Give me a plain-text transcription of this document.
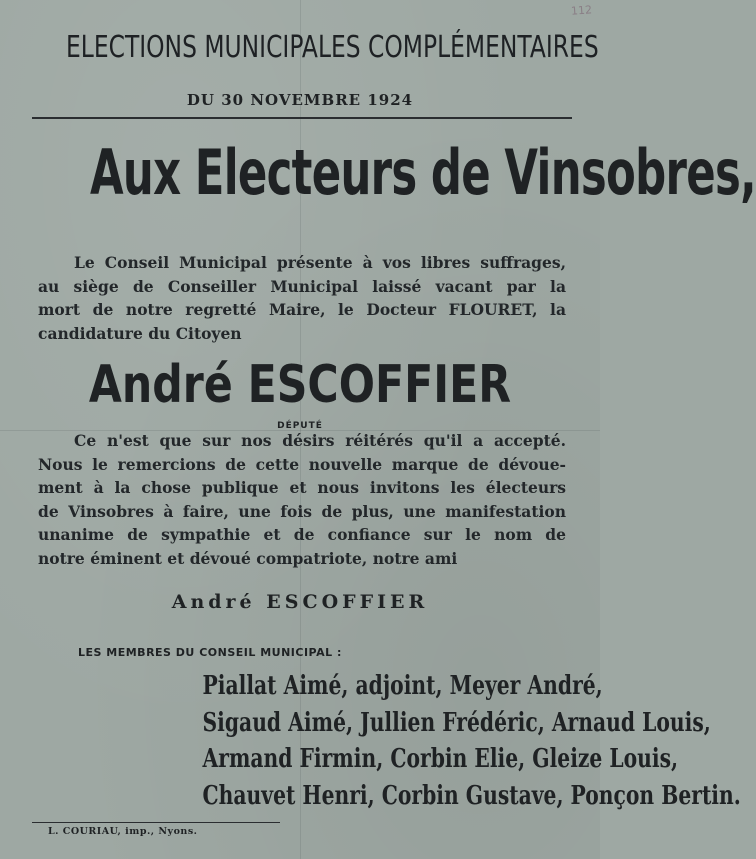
112
ELECTIONS MUNICIPALES COMPLÉMENTAIRES
DU 30 NOVEMBRE 1924
Aux Electeurs de Vinsobres,
Le Conseil Municipal présente à vos libres suffrages,
au siège de Conseiller Municipal laissé vacant par la
mort de notre regretté Maire, le Docteur FLOURET, la
candidature du Citoyen
André ESCOFFIER
DÉPUTÉ
Ce n'est que sur nos désirs réitérés qu'il a accepté.
Nous le remercions de cette nouvelle marque de dévoue-
ment à la chose publique et nous invitons les électeurs
de Vinsobres à faire, une fois de plus, une manifestation
unanime de sympathie et de confiance sur le nom de
notre éminent et dévoué compatriote, notre ami
André ESCOFFIER
LES MEMBRES DU CONSEIL MUNICIPAL :
Piallat Aimé, adjoint, Meyer André,
Sigaud Aimé, Jullien Frédéric, Arnaud Louis,
Armand Firmin, Corbin Elie, Gleize Louis,
Chauvet Henri, Corbin Gustave, Ponçon Bertin.
L. COURIAU, imp., Nyons.
